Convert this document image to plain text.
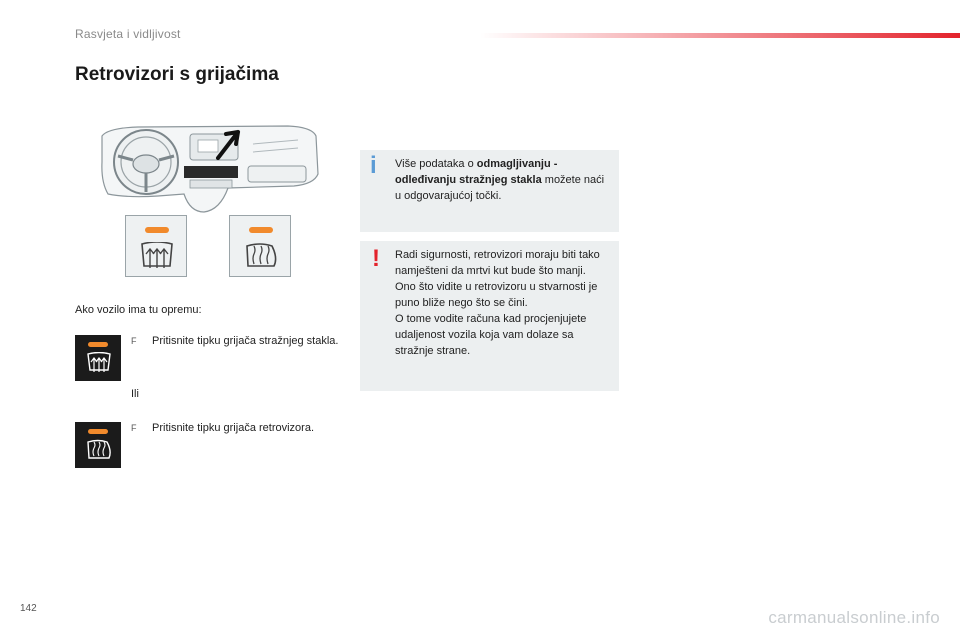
Rasvjeta i vidljivost
Retrovizori s grijačima
Ako vozilo ima tu opremu:
F	Pritisnite tipku grijača stražnjeg stakla.
Ili
F	Pritisnite tipku grijača retrovizora.
i Više podataka o odmagljivanju - odleđivanju stražnjeg stakla možete naći u odgovarajućoj točki.
! Radi sigurnosti, retrovizori moraju biti tako namješteni da mrtvi kut bude što manji.
Ono što vidite u retrovizoru u stvarnosti je puno bliže nego što se čini.
O tome vodite računa kad procjenjujete udaljenost vozila koja vam dolaze sa stražnje strane.
142	carmanualsonline.info
